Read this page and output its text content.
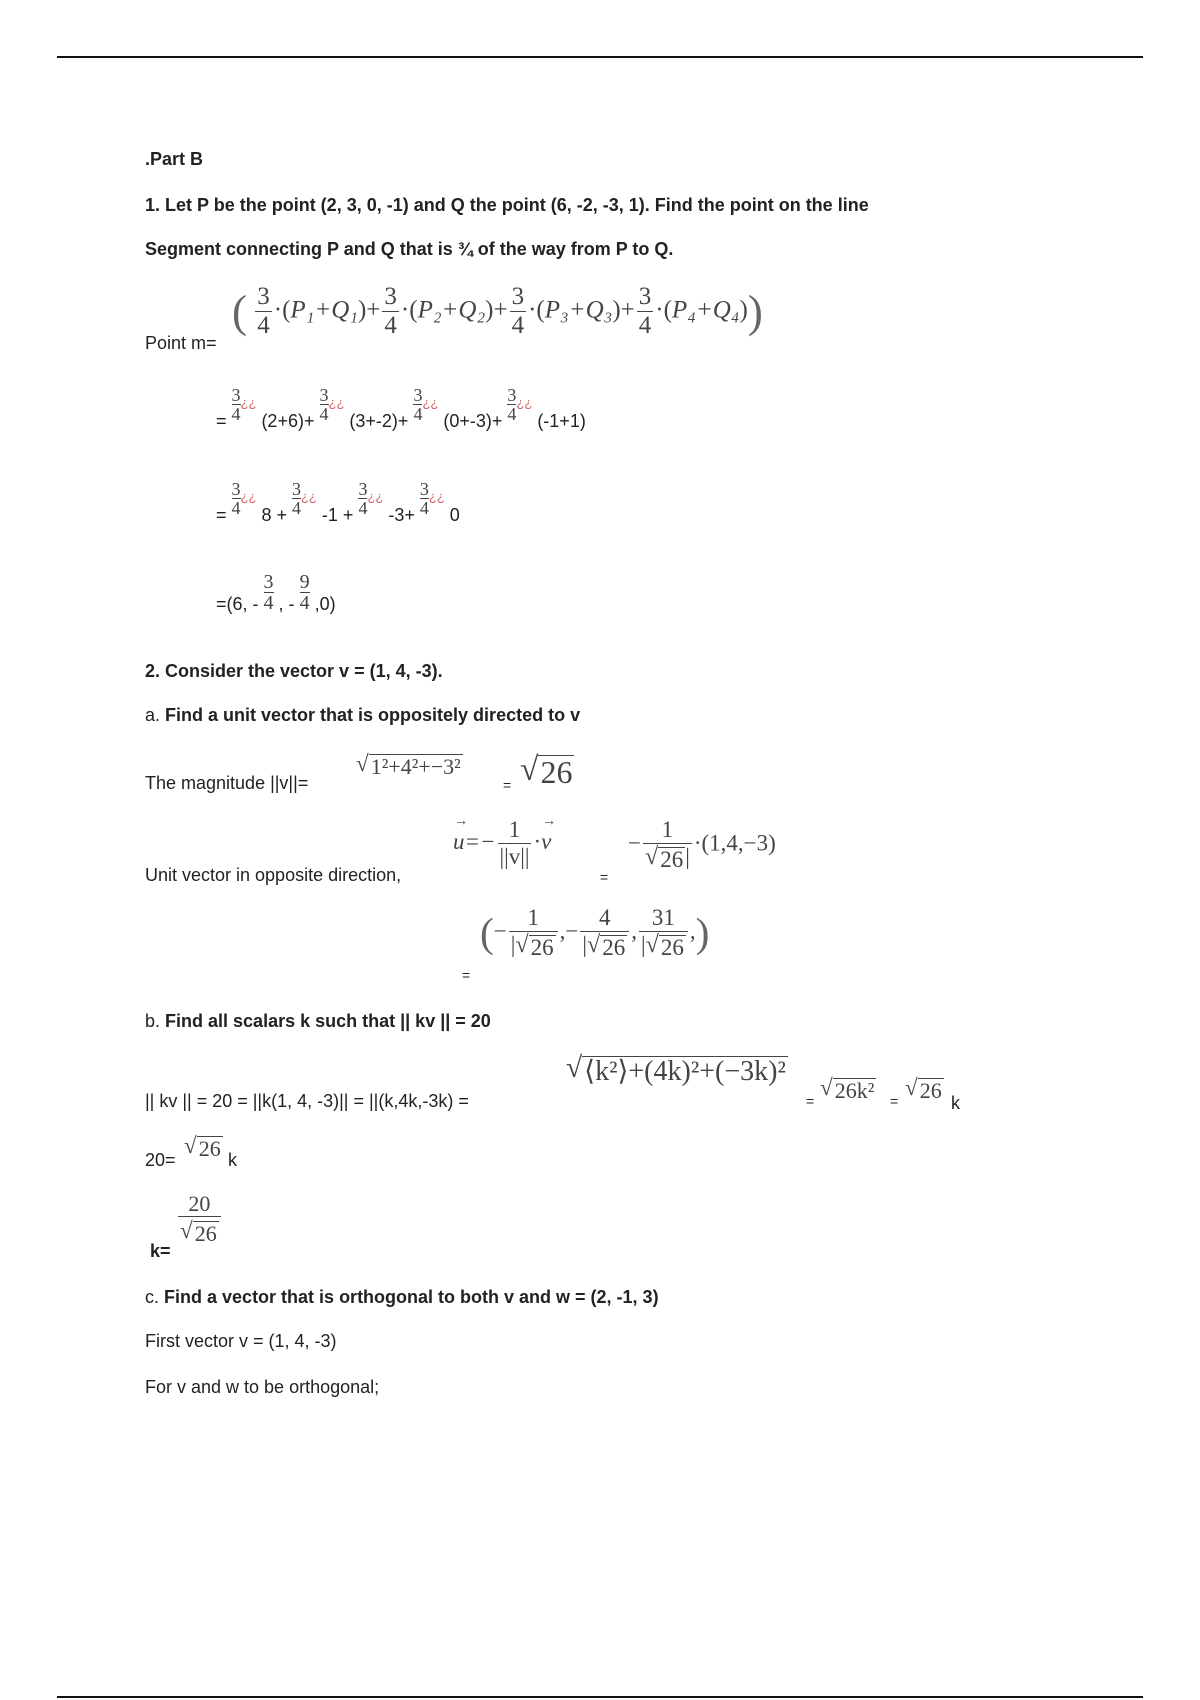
.Part B
1. Let P be the point (2, 3, 0, -1) and Q the point (6, -2, -3, 1). Find the point on the line
Segment connecting P and Q that is ¾ of the way from P to Q.
Point m=
( $\frac{3}{4} \cdot(P_1+Q_1)+ \frac{3}{4} \cdot(P_2+Q_2)+ \frac{3}{4} \cdot(P_3+Q_3)+ \frac{3}{4} \cdot(P_4+Q_4)$)
= $\frac{3}{4}$ ¿¿ $(2+6)+ \frac{3}{4}$ ¿¿ $(3+-2)+ \frac{3}{4}$ ¿¿ $(0+-3)+ \frac{3}{4}$ ¿¿ (-1+1)
= $\frac{3}{4}$ ¿¿ $8 + \frac{3}{4}$ ¿¿ $-1 + \frac{3}{4}$ ¿¿ $-3+ \frac{3}{4}$ ¿¿ 0
=(6, - $\frac{3}{4}$ , - $\frac{9}{4} ,0$)
2. Consider the vector v = (1, 4, -3).
a. Find a unit vector that is oppositely directed to v
The magnitude ||v||=
√ 1²+4²+−3²
= √ 26
Unit vector in opposite direction,
→ $u=- \frac{1}{||v||} \cdot\to v$
=
− $\frac{1}{√ 26 |} \cdot(1,4,-3)$
=
(− $\frac{1}{| √ 26}$ ,− $\frac{4}{| √ 26}$ , $\frac{31}{| √ 26}$ ,)
b. Find all scalars k such that || kv || = 20
|| kv || = 20 = ||k(1, 4, -3)|| = ||(k,4k,-3k) =
√ ⟨k²⟩+(4k)²+(−3k)²
=
√ 26k² =
√ 26 k
20=
√ 26 k
k=
$\frac{20}{√ 26}$
c. Find a vector that is orthogonal to both v and w = (2, -1, 3)
First vector v = (1, 4, -3)
For v and w to be orthogonal;
